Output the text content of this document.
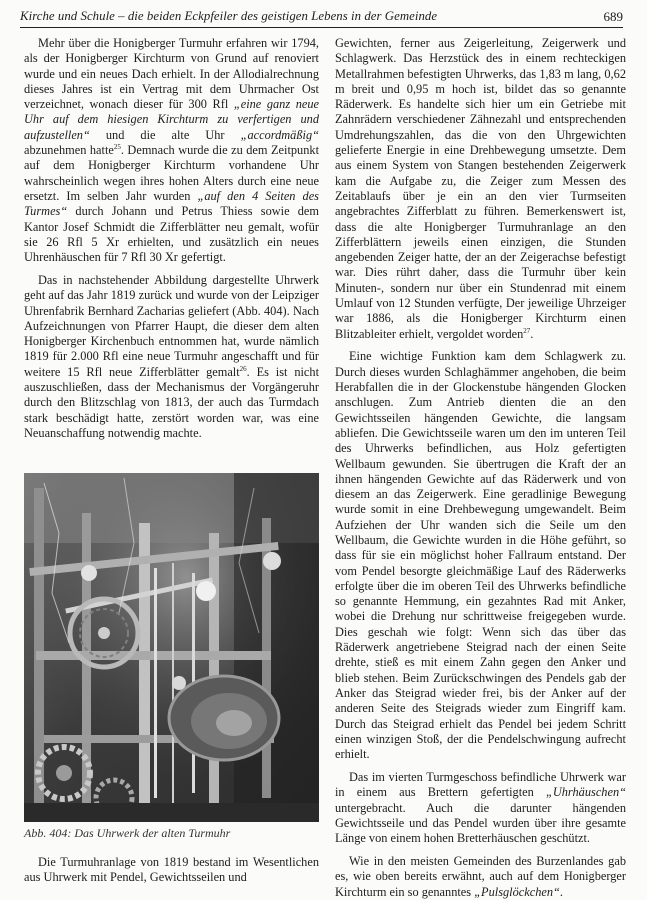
Kirche und Schule – die beiden Eckpfeiler des geistigen Lebens in der Gemeinde	689

Mehr über die Honigberger Turmuhr erfahren wir 1794, als der Honigberger Kirchturm von Grund auf renoviert wurde und ein neues Dach erhielt. In der Allodialrechnung dieses Jahres ist ein Vertrag mit dem Uhrmacher Ost verzeichnet, wonach dieser für 300 Rfl „eine ganz neue Uhr auf dem hiesigen Kirchturm zu verfertigen und aufzustellen“ und die alte Uhr „accordmäßig“ abzunehmen hatte$^{25}$. Demnach wurde die zu dem Zeitpunkt auf dem Honigberger Kirchturm vorhandene Uhr wahrscheinlich wegen ihres hohen Alters durch eine neue ersetzt. Im selben Jahr wurden „auf den 4 Seiten des Turmes“ durch Johann und Petrus Thiess sowie dem Kantor Josef Schmidt die Zifferblätter neu gemalt, wofür sie 26 Rfl 5 Xr erhielten, und zusätzlich ein neues Uhrenhäuschen für 7 Rfl 30 Xr gefertigt.

Das in nachstehender Abbildung dargestellte Uhrwerk geht auf das Jahr 1819 zurück und wurde von der Leipziger Uhrenfabrik Bernhard Zacharias geliefert (Abb. 404). Nach Aufzeichnungen von Pfarrer Haupt, die dieser dem alten Honigberger Kirchenbuch entnommen hat, wurde nämlich 1819 für 2.000 Rfl eine neue Turmuhr angeschafft und für weitere 15 Rfl neue Zifferblätter gemalt$^{26}$. Es ist nicht auszuschließen, dass der Mechanismus der Vorgängeruhr durch den Blitzschlag von 1813, der auch das Turmdach stark beschädigt hatte, zerstört worden war, was eine Neuanschaffung notwendig machte.

Abb. 404: Das Uhrwerk der alten Turmuhr

Die Turmuhranlage von 1819 bestand im Wesentlichen aus Uhrwerk mit Pendel, Gewichtsseilen und

Gewichten, ferner aus Zeigerleitung, Zeigerwerk und Schlagwerk. Das Herzstück des in einem rechteckigen Metallrahmen befestigten Uhrwerks, das 1,83 m lang, 0,62 m breit und 0,95 m hoch ist, bildet das so genannte Räderwerk. Es handelte sich hier um ein Getriebe mit Zahnrädern verschiedener Zähnezahl und entsprechenden Umdrehungszahlen, das die von den Uhrgewichten gelieferte Energie in eine Drehbewegung umsetzte. Dem aus einem System von Stangen bestehenden Zeigerwerk kam die Aufgabe zu, die Zeiger zum Messen des Zeitablaufs über je ein an den vier Turmseiten angebrachtes Zifferblatt zu führen. Bemerkenswert ist, dass die alte Honigberger Turmuhranlage an den Zifferblättern jeweils einen einzigen, die Stunden angebenden Zeiger hatte, der an der Zeigerachse befestigt war. Dies rührt daher, dass die Turmuhr über kein Minuten-, sondern nur über ein Stundenrad mit einem Umlauf von 12 Stunden verfügte, Der jeweilige Uhrzeiger war 1886, als die Honigberger Kirchturm einen Blitzableiter erhielt, vergoldet worden$^{27}$.

Eine wichtige Funktion kam dem Schlagwerk zu. Durch dieses wurden Schlaghämmer angehoben, die beim Herabfallen die in der Glockenstube hängenden Glocken anschlugen. Zum Antrieb dienten die an den Gewichtsseilen hängenden Gewichte, die langsam abliefen. Die Gewichtsseile waren um den im unteren Teil des Uhrwerks befindlichen, aus Holz gefertigten Wellbaum gewunden. Sie übertrugen die Kraft der an ihnen hängenden Gewichte auf das Räderwerk und von diesem an das Zeigerwerk. Eine geradlinige Bewegung wurde somit in eine Drehbewegung umgewandelt. Beim Aufziehen der Uhr wanden sich die Seile um den Wellbaum, die Gewichte wurden in die Höhe geführt, so dass für sie ein möglichst hoher Fallraum entstand. Der vom Pendel besorgte gleichmäßige Lauf des Räderwerks erfolgte über die im oberen Teil des Uhrwerks befindliche so genannte Hemmung, ein gezahntes Rad mit Anker, wobei die Drehung nur schrittweise freigegeben wurde. Dies geschah wie folgt: Wenn sich das über das Räderwerk angetriebene Steigrad nach der einen Seite drehte, stieß es mit einem Zahn gegen den Anker und blieb stehen. Beim Zurückschwingen des Pendels gab der Anker das Steigrad wieder frei, bis der Anker auf der anderen Seite des Steigrads wieder zum Eingriff kam. Durch das Steigrad erhielt das Pendel bei jedem Schritt einen winzigen Stoß, der die Pendelschwingung aufrecht erhielt.

Das im vierten Turmgeschoss befindliche Uhrwerk war in einem aus Brettern gefertigten „Uhrhäuschen“ untergebracht. Auch die darunter hängenden Gewichtsseile und das Pendel wurden über ihre gesamte Länge von einem hohen Bretterhäuschen geschützt.

Wie in den meisten Gemeinden des Burzenlandes gab es, wie oben bereits erwähnt, auch auf dem Honigberger Kirchturm ein so genanntes „Pulsglöckchen“.
